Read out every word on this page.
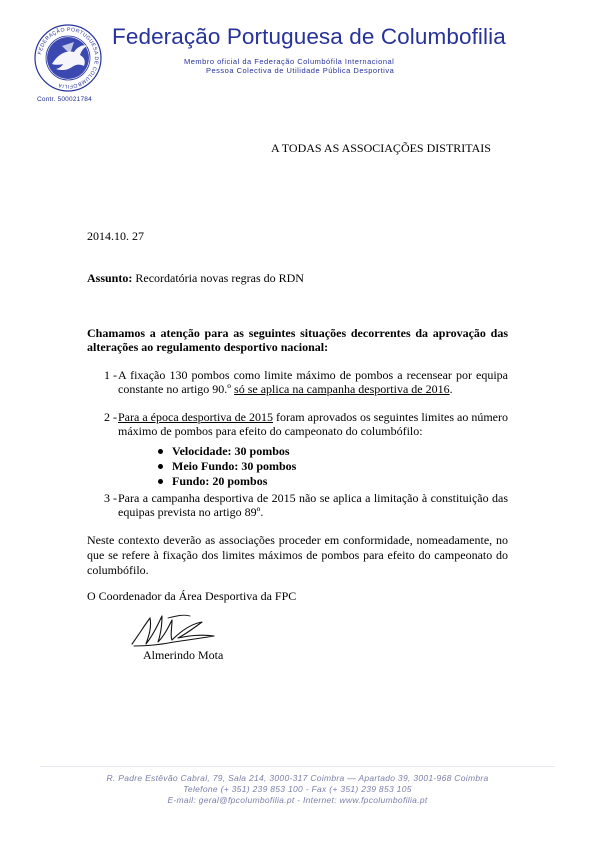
FEDERAÇÃO PORTUGUESA DE COLUMBOFILIA
Contr. 500021784
Federação Portuguesa de Columbofilia
Membro oficial da Federação Columbófila Internacional
Pessoa Colectiva de Utilidade Pública Desportiva
A TODAS AS ASSOCIAÇÕES DISTRITAIS
2014.10. 27
Assunto: Recordatória novas regras do RDN
Chamamos a atenção para as seguintes situações decorrentes da aprovação das alterações ao regulamento desportivo nacional:
1 - A fixação 130 pombos como limite máximo de pombos a recensear por equipa constante no artigo 90.º só se aplica na campanha desportiva de 2016.
2 - Para a época desportiva de 2015 foram aprovados os seguintes limites ao número máximo de pombos para efeito do campeonato do columbófilo:
Velocidade: 30 pombos
Meio Fundo: 30 pombos
Fundo: 20 pombos
3 - Para a campanha desportiva de 2015 não se aplica a limitação à constituição das equipas prevista no artigo 89º.
Neste contexto deverão as associações proceder em conformidade, nomeadamente, no que se refere à fixação dos limites máximos de pombos para efeito do campeonato do columbófilo.
O Coordenador da Área Desportiva da FPC
Almerindo Mota
R. Padre Estêvão Cabral, 79, Sala 214, 3000-317 Coimbra — Apartado 39, 3001-968 Coimbra
Telefone (+ 351) 239 853 100 - Fax (+ 351) 239 853 105
E-mail: geral@fpcolumbofilia.pt - Internet: www.fpcolumbofilia.pt
